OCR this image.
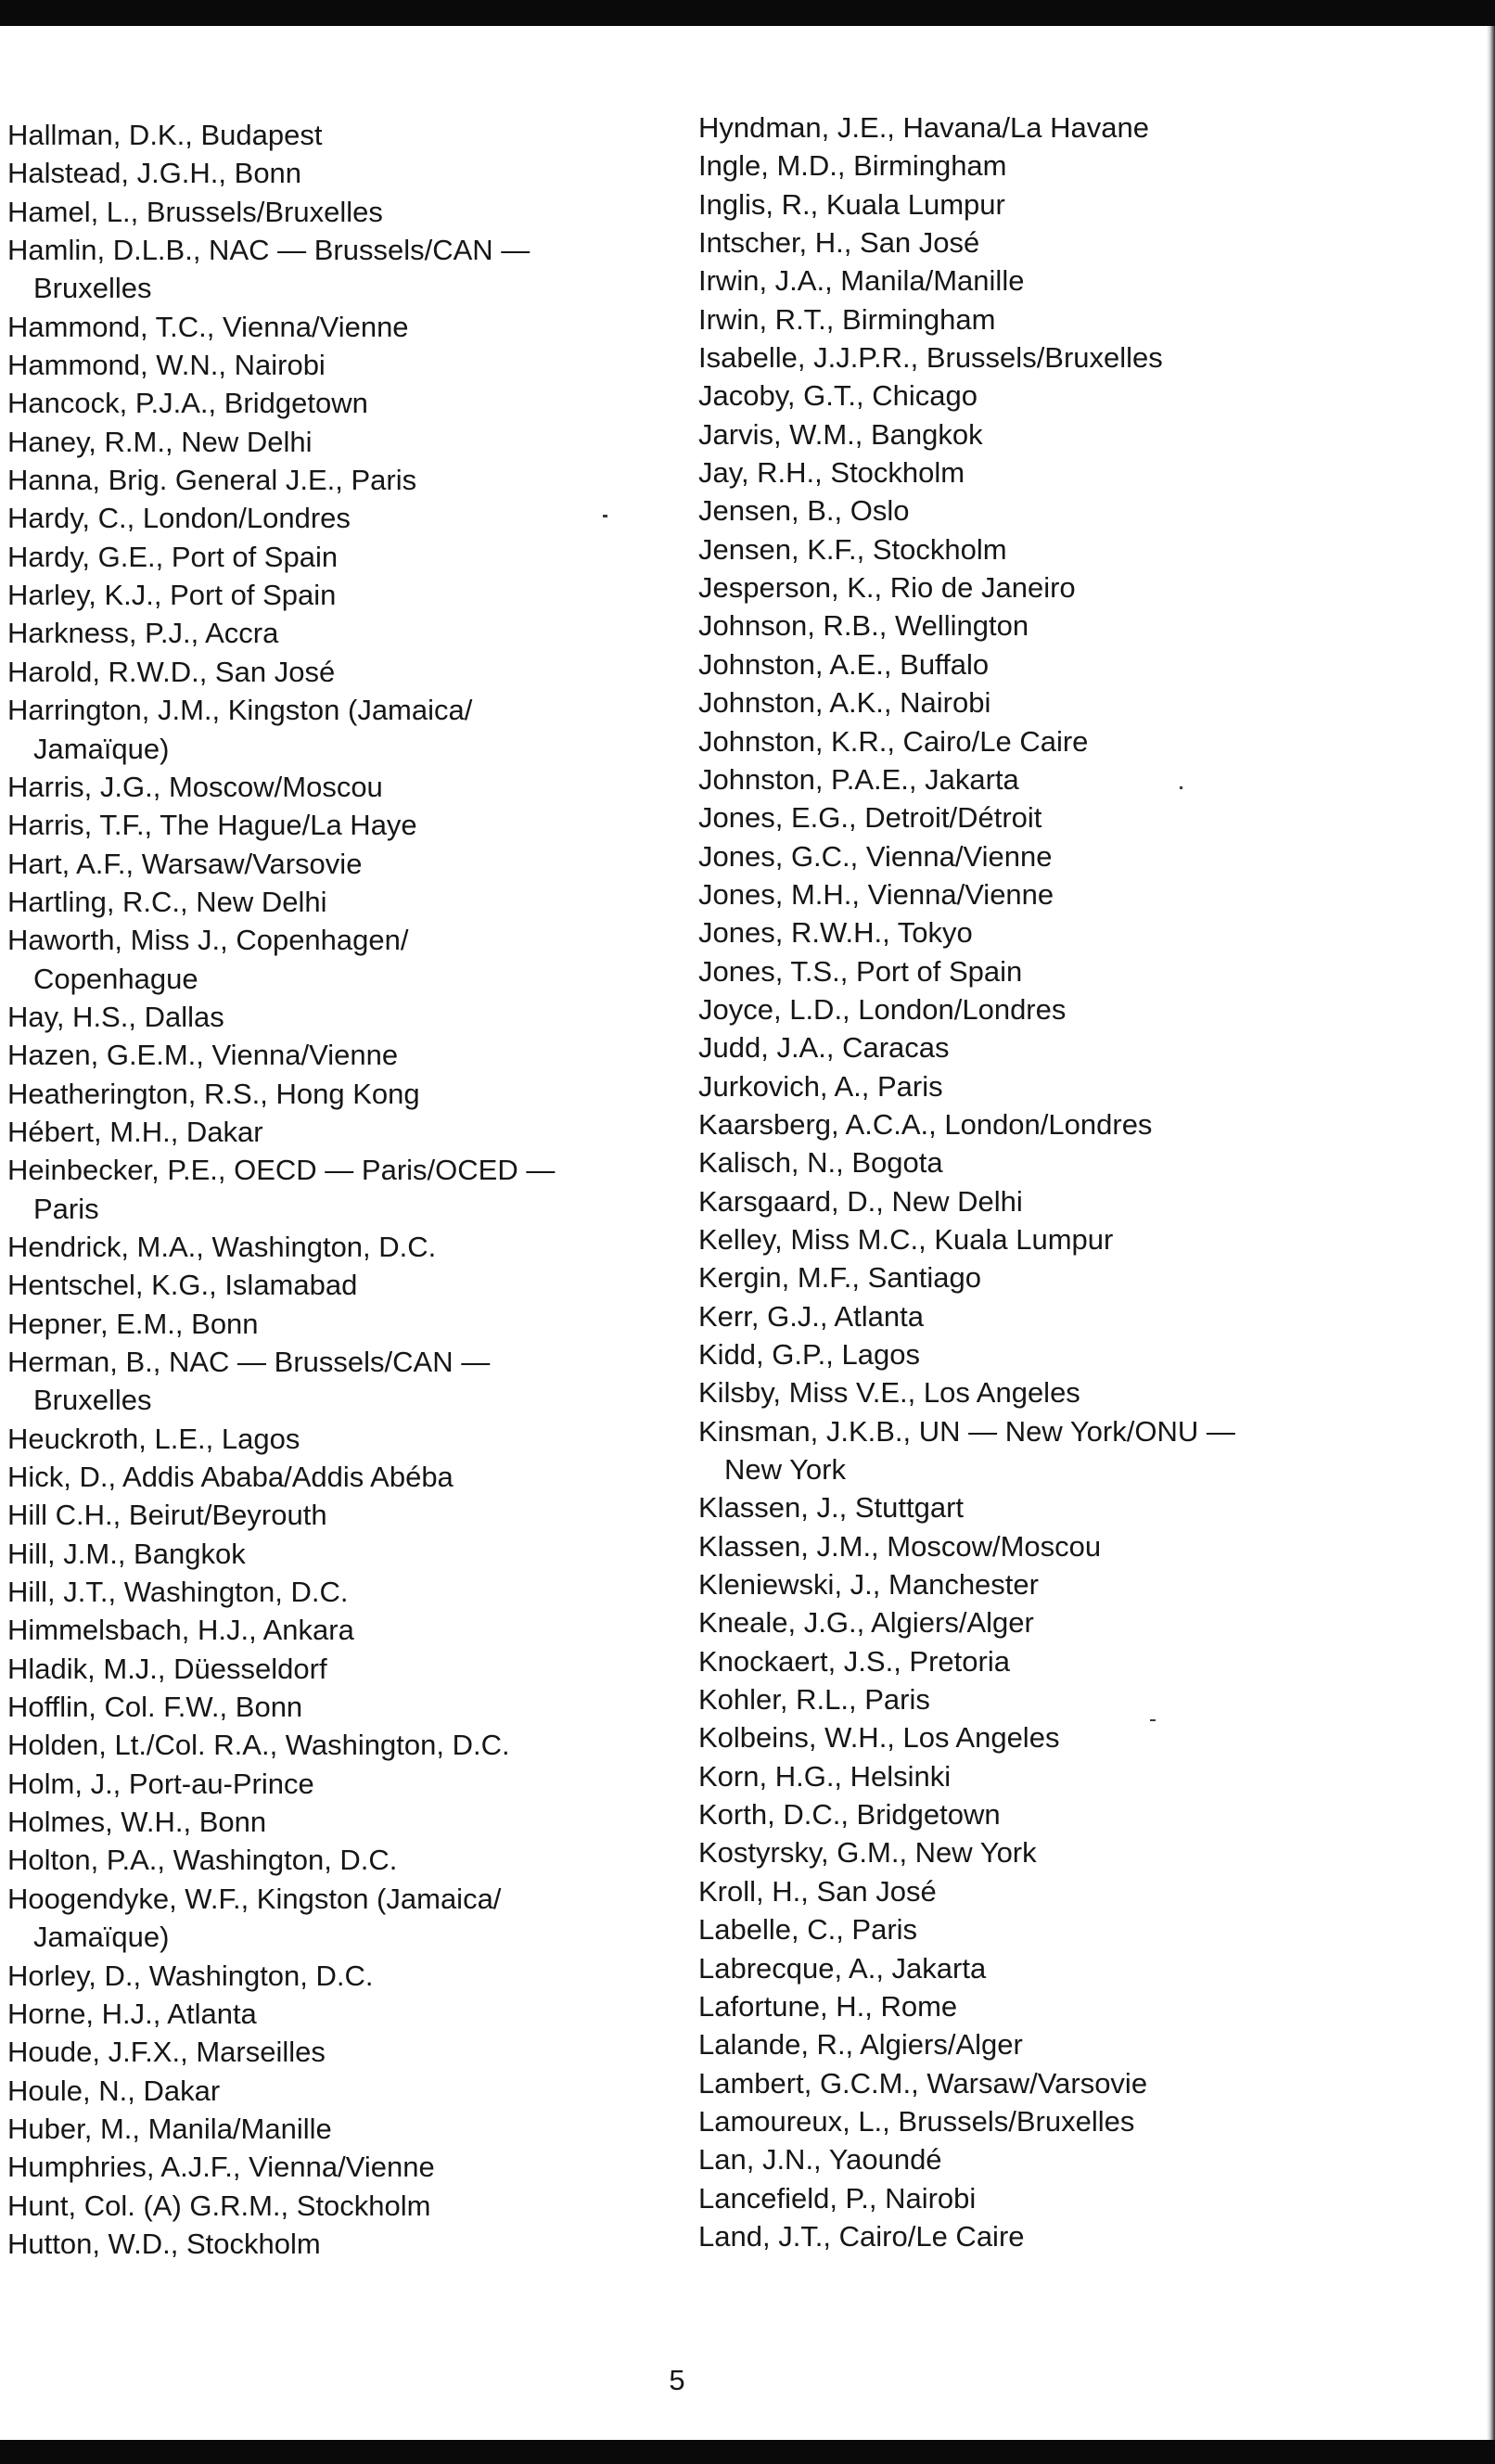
Hallman, D.K., Budapest
Halstead, J.G.H., Bonn
Hamel, L., Brussels/Bruxelles
Hamlin, D.L.B., NAC — Brussels/CAN —
Bruxelles
Hammond, T.C., Vienna/Vienne
Hammond, W.N., Nairobi
Hancock, P.J.A., Bridgetown
Haney, R.M., New Delhi
Hanna, Brig. General J.E., Paris
Hardy, C., London/Londres
Hardy, G.E., Port of Spain
Harley, K.J., Port of Spain
Harkness, P.J., Accra
Harold, R.W.D., San José
Harrington, J.M., Kingston (Jamaica/
Jamaïque)
Harris, J.G., Moscow/Moscou
Harris, T.F., The Hague/La Haye
Hart, A.F., Warsaw/Varsovie
Hartling, R.C., New Delhi
Haworth, Miss J., Copenhagen/
Copenhague
Hay, H.S., Dallas
Hazen, G.E.M., Vienna/Vienne
Heatherington, R.S., Hong Kong
Hébert, M.H., Dakar
Heinbecker, P.E., OECD — Paris/OCED —
Paris
Hendrick, M.A., Washington, D.C.
Hentschel, K.G., Islamabad
Hepner, E.M., Bonn
Herman, B., NAC — Brussels/CAN —
Bruxelles
Heuckroth, L.E., Lagos
Hick, D., Addis Ababa/Addis Abéba
Hill C.H., Beirut/Beyrouth
Hill, J.M., Bangkok
Hill, J.T., Washington, D.C.
Himmelsbach, H.J., Ankara
Hladik, M.J., Düesseldorf
Hofflin, Col. F.W., Bonn
Holden, Lt./Col. R.A., Washington, D.C.
Holm, J., Port-au-Prince
Holmes, W.H., Bonn
Holton, P.A., Washington, D.C.
Hoogendyke, W.F., Kingston (Jamaica/
Jamaïque)
Horley, D., Washington, D.C.
Horne, H.J., Atlanta
Houde, J.F.X., Marseilles
Houle, N., Dakar
Huber, M., Manila/Manille
Humphries, A.J.F., Vienna/Vienne
Hunt, Col. (A) G.R.M., Stockholm
Hutton, W.D., Stockholm
Hyndman, J.E., Havana/La Havane
Ingle, M.D., Birmingham
Inglis, R., Kuala Lumpur
Intscher, H., San José
Irwin, J.A., Manila/Manille
Irwin, R.T., Birmingham
Isabelle, J.J.P.R., Brussels/Bruxelles
Jacoby, G.T., Chicago
Jarvis, W.M., Bangkok
Jay, R.H., Stockholm
Jensen, B., Oslo
Jensen, K.F., Stockholm
Jesperson, K., Rio de Janeiro
Johnson, R.B., Wellington
Johnston, A.E., Buffalo
Johnston, A.K., Nairobi
Johnston, K.R., Cairo/Le Caire
Johnston, P.A.E., Jakarta
Jones, E.G., Detroit/Détroit
Jones, G.C., Vienna/Vienne
Jones, M.H., Vienna/Vienne
Jones, R.W.H., Tokyo
Jones, T.S., Port of Spain
Joyce, L.D., London/Londres
Judd, J.A., Caracas
Jurkovich, A., Paris
Kaarsberg, A.C.A., London/Londres
Kalisch, N., Bogota
Karsgaard, D., New Delhi
Kelley, Miss M.C., Kuala Lumpur
Kergin, M.F., Santiago
Kerr, G.J., Atlanta
Kidd, G.P., Lagos
Kilsby, Miss V.E., Los Angeles
Kinsman, J.K.B., UN — New York/ONU —
New York
Klassen, J., Stuttgart
Klassen, J.M., Moscow/Moscou
Kleniewski, J., Manchester
Kneale, J.G., Algiers/Alger
Knockaert, J.S., Pretoria
Kohler, R.L., Paris
Kolbeins, W.H., Los Angeles
Korn, H.G., Helsinki
Korth, D.C., Bridgetown
Kostyrsky, G.M., New York
Kroll, H., San José
Labelle, C., Paris
Labrecque, A., Jakarta
Lafortune, H., Rome
Lalande, R., Algiers/Alger
Lambert, G.C.M., Warsaw/Varsovie
Lamoureux, L., Brussels/Bruxelles
Lan, J.N., Yaoundé
Lancefield, P., Nairobi
Land, J.T., Cairo/Le Caire
5
